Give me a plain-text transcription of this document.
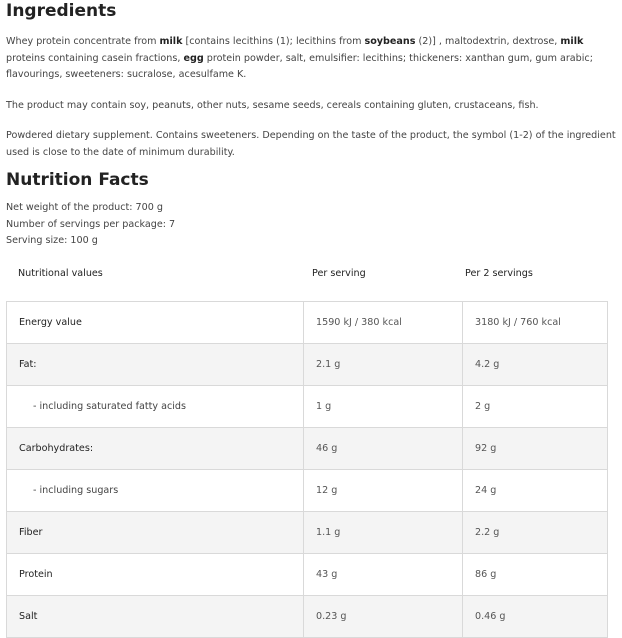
Ingredients

Whey protein concentrate from milk [contains lecithins (1); lecithins from soybeans (2)] , maltodextrin, dextrose, milk proteins containing casein fractions, egg protein powder, salt, emulsifier: lecithins; thickeners: xanthan gum, gum arabic; flavourings, sweeteners: sucralose, acesulfame K.

The product may contain soy, peanuts, other nuts, sesame seeds, cereals containing gluten, crustaceans, fish.

Powdered dietary supplement. Contains sweeteners. Depending on the taste of the product, the symbol (1-2) of the ingredient used is close to the date of minimum durability.

Nutrition Facts
Net weight of the product: 700 g
Number of servings per package: 7
Serving size: 100 g
Nutritional values	Per serving	Per 2 servings
Energy value	1590 kJ / 380 kcal	3180 kJ / 760 kcal
Fat:	2.1 g	4.2 g
- including saturated fatty acids	1 g	2 g
Carbohydrates:	46 g	92 g
- including sugars	12 g	24 g
Fiber	1.1 g	2.2 g
Protein	43 g	86 g
Salt	0.23 g	0.46 g
